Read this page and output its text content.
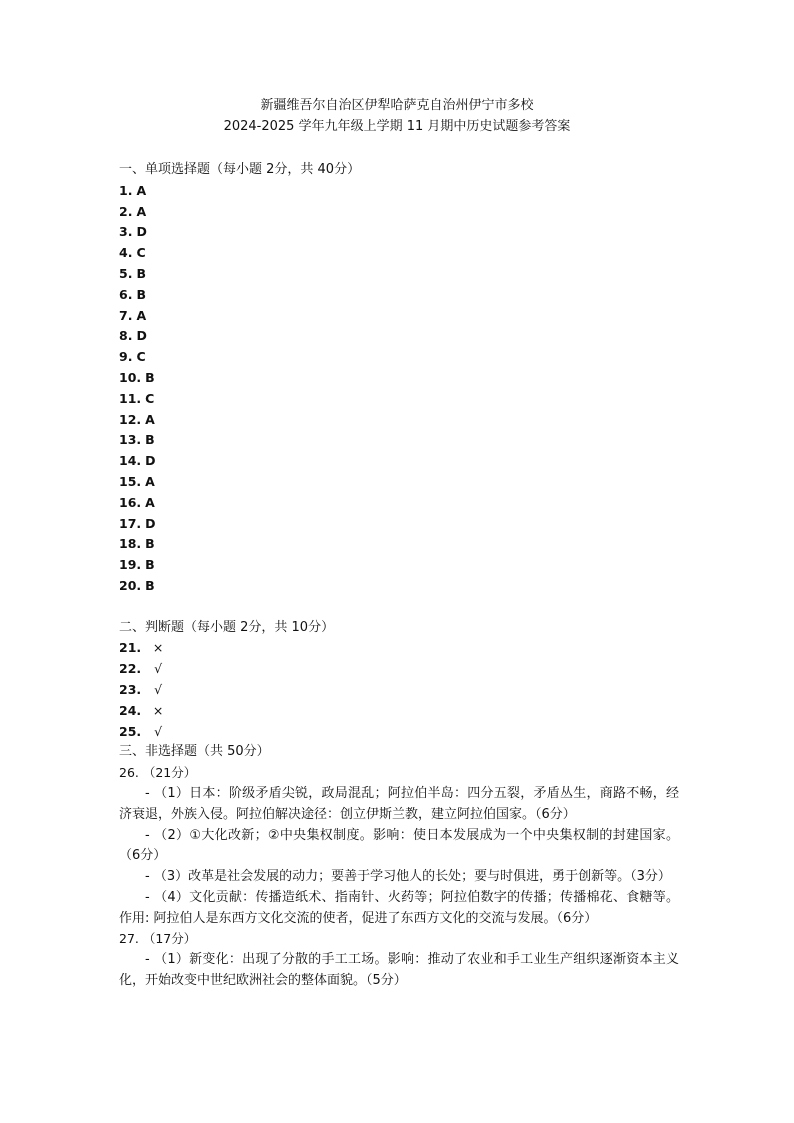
新疆维吾尔自治区伊犁哈萨克自治州伊宁市多校
2024-2025 学年九年级上学期 11 月期中历史试题参考答案
一、单项选择题（每小题 2分，共 40分）
1. A
2. A
3. D
4. C
5. B
6. B
7. A
8. D
9. C
10. B
11. C
12. A
13. B
14. D
15. A
16. A
17. D
18. B
19. B
20. B
二、判断题（每小题 2分，共 10分）
21. ×
22. √
23. √
24. ×
25. √
三、非选择题（共 50分）
26. （21分）
- （1）日本：阶级矛盾尖锐，政局混乱；阿拉伯半岛：四分五裂，矛盾丛生，商路不畅，经济衰退，外族入侵。阿拉伯解决途径：创立伊斯兰教，建立阿拉伯国家。（6分）
- （2）①大化改新；②中央集权制度。影响：使日本发展成为一个中央集权制的封建国家。（6分）
- （3）改革是社会发展的动力；要善于学习他人的长处；要与时俱进，勇于创新等。（3分）
- （4）文化贡献：传播造纸术、指南针、火药等；阿拉伯数字的传播；传播棉花、食糖等。作用: 阿拉伯人是东西方文化交流的使者，促进了东西方文化的交流与发展。（6分）
27. （17分）
- （1）新变化：出现了分散的手工工场。影响：推动了农业和手工业生产组织逐渐资本主义化，开始改变中世纪欧洲社会的整体面貌。（5分）
